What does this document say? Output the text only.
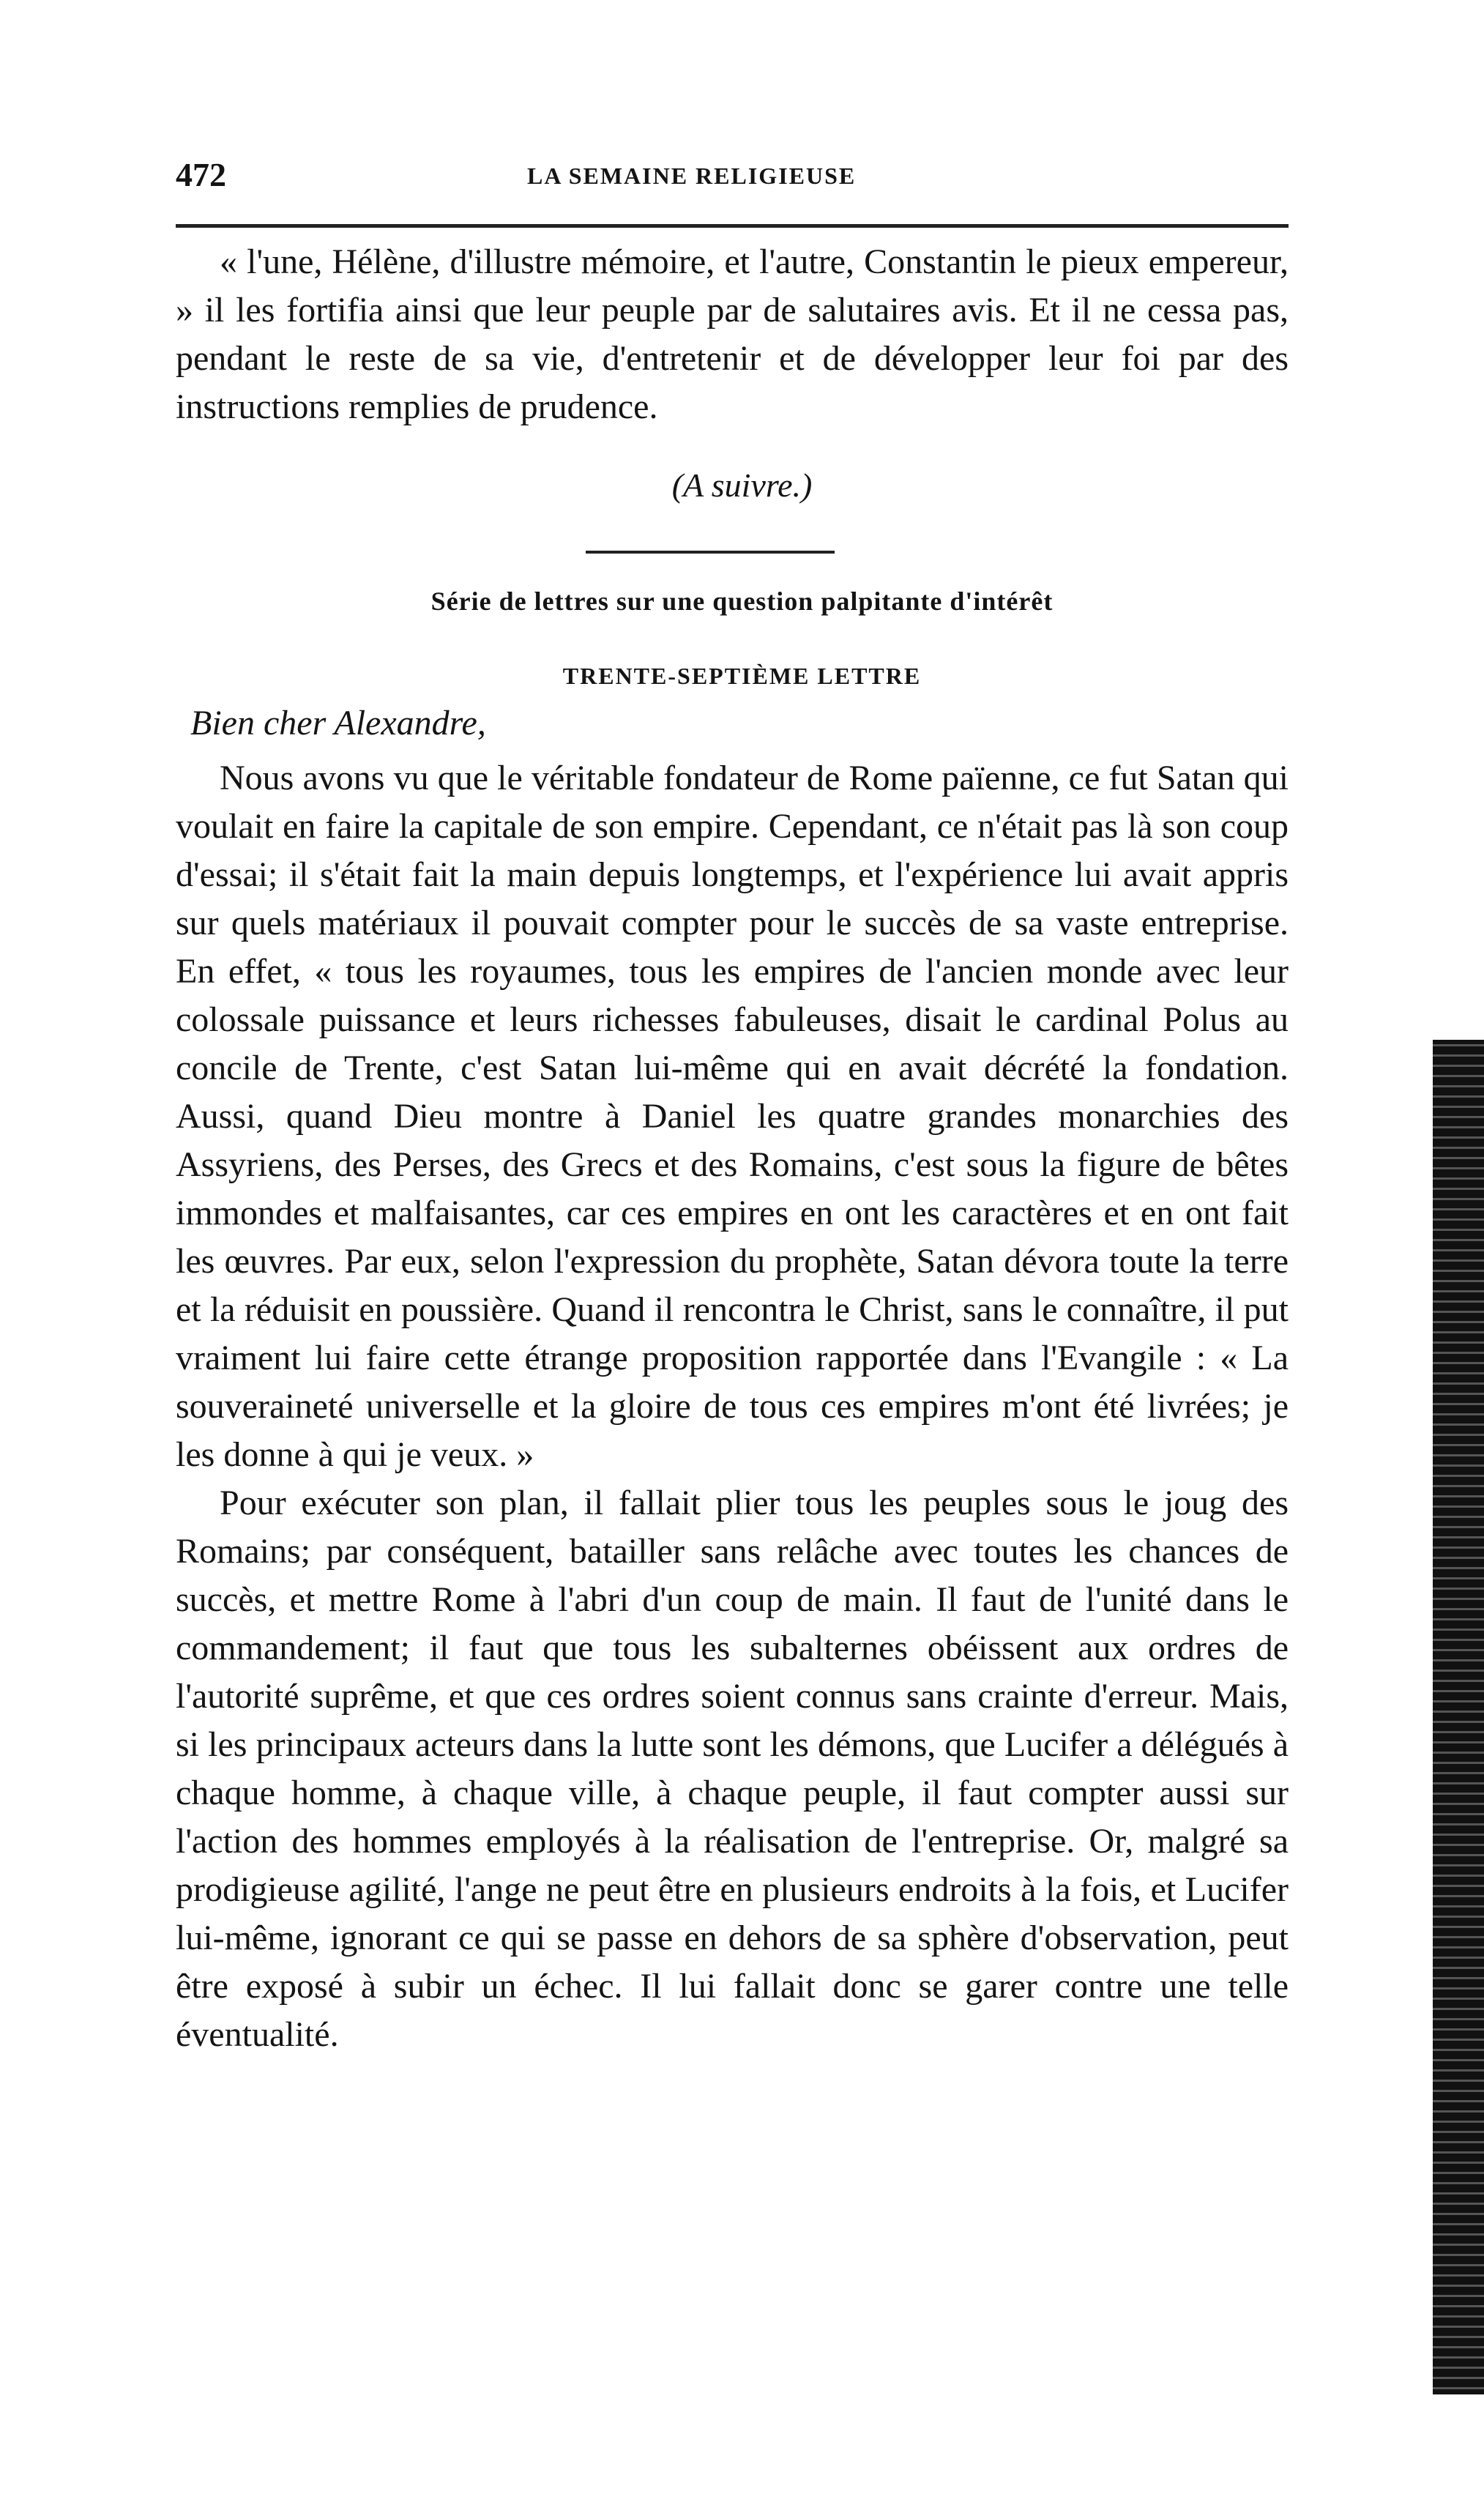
472	LA SEMAINE RELIGIEUSE

« l'une, Hélène, d'illustre mémoire, et l'autre, Constantin le pieux empereur, » il les fortifia ainsi que leur peuple par de salutaires avis. Et il ne cessa pas, pendant le reste de sa vie, d'entretenir et de développer leur foi par des instructions remplies de prudence.

(A suivre.)
Série de lettres sur une question palpitante d'intérêt
TRENTE-SEPTIÈME LETTRE
Bien cher Alexandre,

Nous avons vu que le véritable fondateur de Rome païenne, ce fut Satan qui voulait en faire la capitale de son empire. Cependant, ce n'était pas là son coup d'essai; il s'était fait la main depuis longtemps, et l'expérience lui avait appris sur quels matériaux il pouvait compter pour le succès de sa vaste entreprise. En effet, « tous les royaumes, tous les empires de l'ancien monde avec leur colossale puissance et leurs richesses fabuleuses, disait le cardinal Polus au concile de Trente, c'est Satan lui-même qui en avait décrété la fondation. Aussi, quand Dieu montre à Daniel les quatre grandes monarchies des Assyriens, des Perses, des Grecs et des Romains, c'est sous la figure de bêtes immondes et malfaisantes, car ces empires en ont les caractères et en ont fait les œuvres. Par eux, selon l'expression du prophète, Satan dévora toute la terre et la réduisit en poussière. Quand il rencontra le Christ, sans le connaître, il put vraiment lui faire cette étrange proposition rapportée dans l'Evangile : « La souveraineté universelle et la gloire de tous ces empires m'ont été livrées; je les donne à qui je veux. »

Pour exécuter son plan, il fallait plier tous les peuples sous le joug des Romains; par conséquent, batailler sans relâche avec toutes les chances de succès, et mettre Rome à l'abri d'un coup de main. Il faut de l'unité dans le commandement; il faut que tous les subalternes obéissent aux ordres de l'autorité suprême, et que ces ordres soient connus sans crainte d'erreur. Mais, si les principaux acteurs dans la lutte sont les démons, que Lucifer a délégués à chaque homme, à chaque ville, à chaque peuple, il faut compter aussi sur l'action des hommes employés à la réalisation de l'entreprise. Or, malgré sa prodigieuse agilité, l'ange ne peut être en plusieurs endroits à la fois, et Lucifer lui-même, ignorant ce qui se passe en dehors de sa sphère d'observation, peut être exposé à subir un échec. Il lui fallait donc se garer contre une telle éventualité.
